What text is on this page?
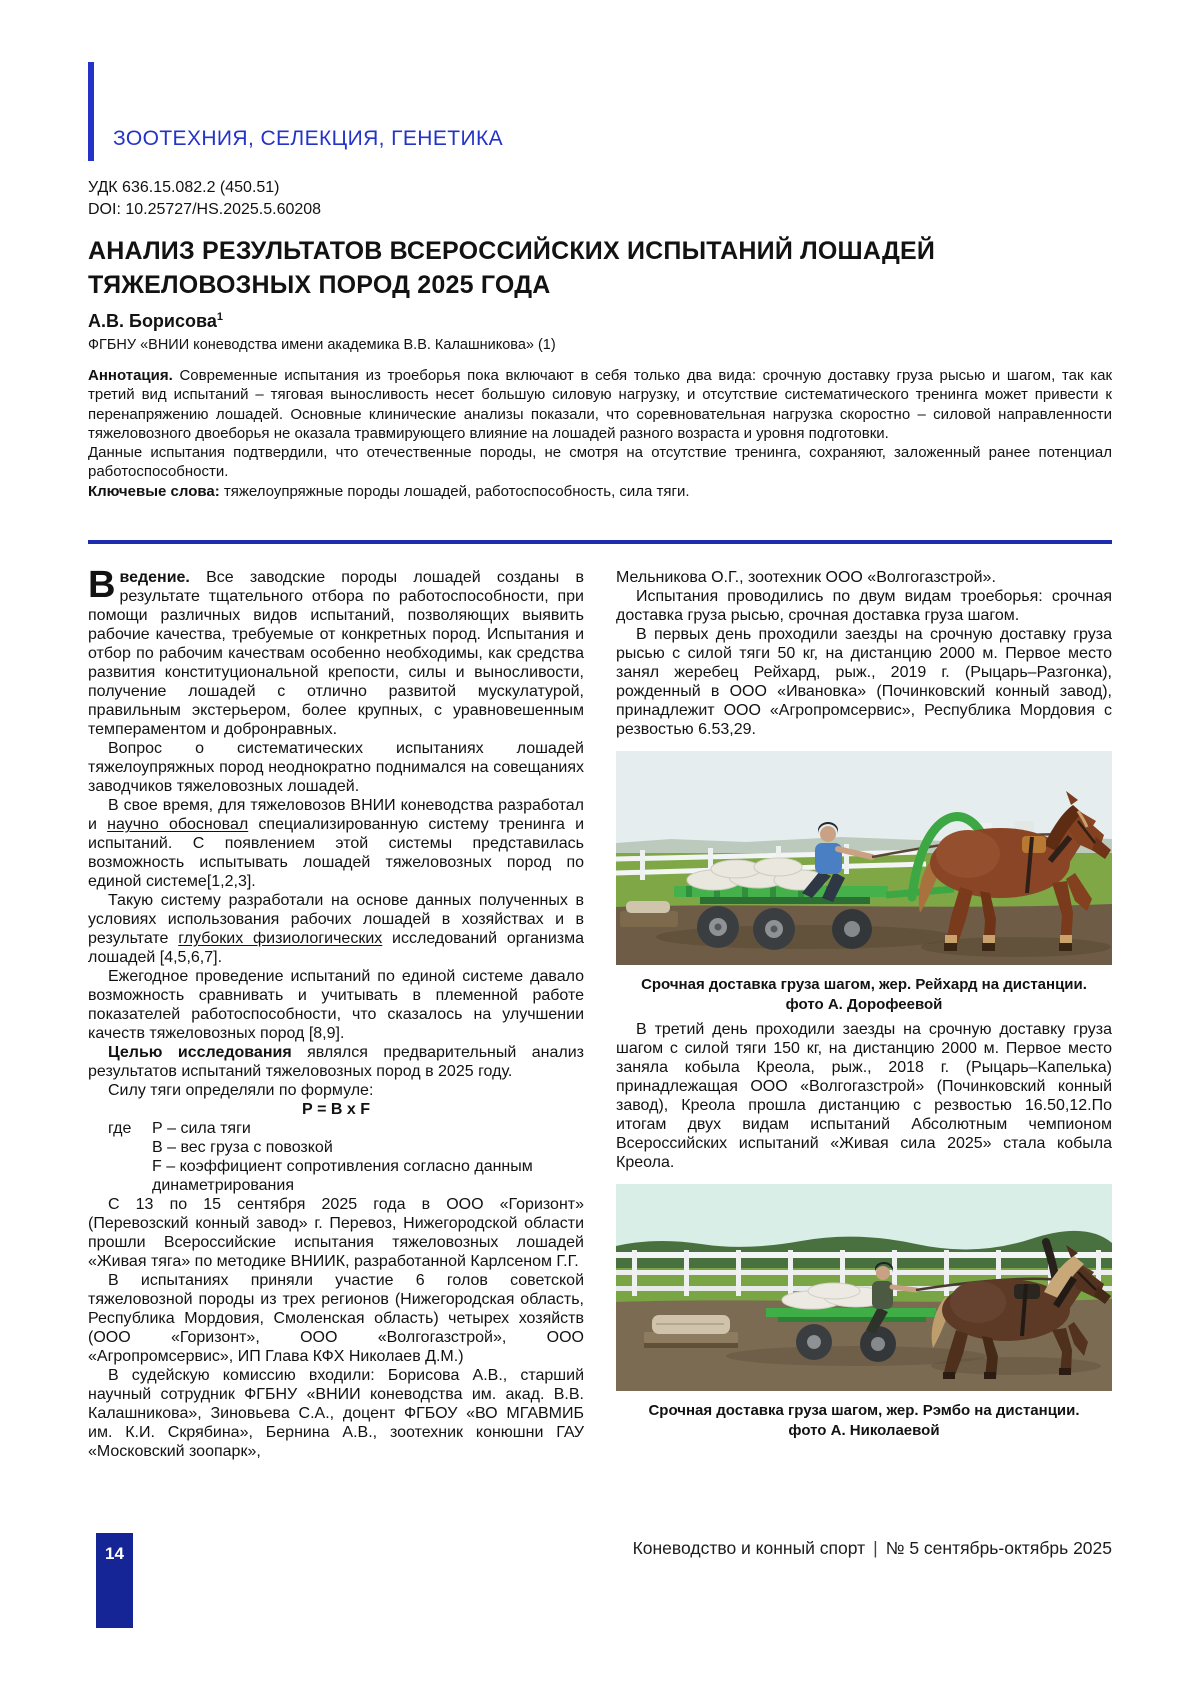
ЗООТЕХНИЯ, СЕЛЕКЦИЯ, ГЕНЕТИКА
УДК 636.15.082.2 (450.51)
DOI: 10.25727/HS.2025.5.60208
АНАЛИЗ РЕЗУЛЬТАТОВ ВСЕРОССИЙСКИХ ИСПЫТАНИЙ ЛОШАДЕЙ ТЯЖЕЛОВОЗНЫХ ПОРОД 2025 ГОДА
А.В. Борисова$^1$
ФГБНУ «ВНИИ коневодства имени академика В.В. Калашникова» (1)

Аннотация. Современные испытания из троеборья пока включают в себя только два вида: срочную доставку груза рысью и шагом, так как третий вид испытаний – тяговая выносливость несет большую силовую нагрузку, и отсутствие систематического тренинга может привести к перенапряжению лошадей. Основные клинические анализы показали, что соревновательная нагрузка скоростно – силовой направленности тяжеловозного двоеборья не оказала травмирующего влияние на лошадей разного возраста и уровня подготовки.

Данные испытания подтвердили, что отечественные породы, не смотря на отсутствие тренинга, сохраняют, заложенный ранее потенциал работоспособности.

Ключевые слова: тяжелоупряжные породы лошадей, работоспособность, сила тяги.

Введение. Все заводские породы лошадей созданы в результате тщательного отбора по работоспособности, при помощи различных видов испытаний, позволяющих выявить рабочие качества, требуемые от конкретных пород. Испытания и отбор по рабочим качествам особенно необходимы, как средства развития конституциональной крепости, силы и выносливости, получение лошадей с отлично развитой мускулатурой, правильным экстерьером, более крупных, с уравновешенным темпераментом и добронравных.

Вопрос о систематических испытаниях лошадей тяжелоупряжных пород неоднократно поднимался на совещаниях заводчиков тяжеловозных лошадей.

В свое время, для тяжеловозов ВНИИ коневодства разработал и научно обосновал специализированную систему тренинга и испытаний. С появлением этой системы представилась возможность испытывать лошадей тяжеловозных пород по единой системе[1,2,3].

Такую систему разработали на основе данных полученных в условиях использования рабочих лошадей в хозяйствах и в результате глубоких физиологических исследований организма лошадей [4,5,6,7].

Ежегодное проведение испытаний по единой системе давало возможность сравнивать и учитывать в племенной работе показателей работоспособности, что сказалось на улучшении качеств тяжеловозных пород [8,9].

Целью исследования являлся предварительный анализ результатов испытаний тяжеловозных пород в 2025 году.

Силу тяги определяли по формуле:

Р = В х F

где Р – сила тяги
В – вес груза с повозкой
F – коэффициент сопротивления согласно данным динаметрирования

С 13 по 15 сентября 2025 года в ООО «Горизонт» (Перевозский конный завод» г. Перевоз, Нижегородской области прошли Всероссийские испытания тяжеловозных лошадей «Живая тяга» по методике ВНИИК, разработанной Карлсеном Г.Г.

В испытаниях приняли участие 6 голов советской тяжеловозной породы из трех регионов (Нижегородская область, Республика Мордовия, Смоленская область) четырех хозяйств (ООО «Горизонт», ООО «Волгогазстрой», ООО «Агропромсервис», ИП Глава КФХ Николаев Д.М.)

В судейскую комиссию входили: Борисова А.В., старший научный сотрудник ФГБНУ «ВНИИ коневодства им. акад. В.В. Калашникова», Зиновьева С.А., доцент ФГБОУ «ВО МГАВМИБ им. К.И. Скрябина», Бернина А.В., зоотехник конюшни ГАУ «Московский зоопарк»,

Мельникова О.Г., зоотехник ООО «Волгогазстрой».

Испытания проводились по двум видам троеборья: срочная доставка груза рысью, срочная доставка груза шагом.

В первых день проходили заезды на срочную доставку груза рысью с силой тяги 50 кг, на дистанцию 2000 м. Первое место занял жеребец Рейхард, рыж., 2019 г. (Рыцарь–Разгонка), рожденный в ООО «Ивановка» (Починковский конный завод), принадлежит ООО «Агропромсервис», Республика Мордовия с резвостью 6.53,29.

Срочная доставка груза шагом, жер. Рейхард на дистанции. фото А. Дорофеевой

В третий день проходили заезды на срочную доставку груза шагом с силой тяги 150 кг, на дистанцию 2000 м. Первое место заняла кобыла Креола, рыж., 2018 г. (Рыцарь–Капелька) принадлежащая ООО «Волгогазстрой» (Починковский конный завод), Креола прошла дистанцию с резвостью 16.50,12.По итогам двух видам испытаний Абсолютным чемпионом Всероссийских испытаний «Живая сила 2025» стала кобыла Креола.

Срочная доставка груза шагом, жер. Рэмбо на дистанции. фото А. Николаевой

14	Коневодство и конный спорт | № 5 сентябрь-октябрь 2025
